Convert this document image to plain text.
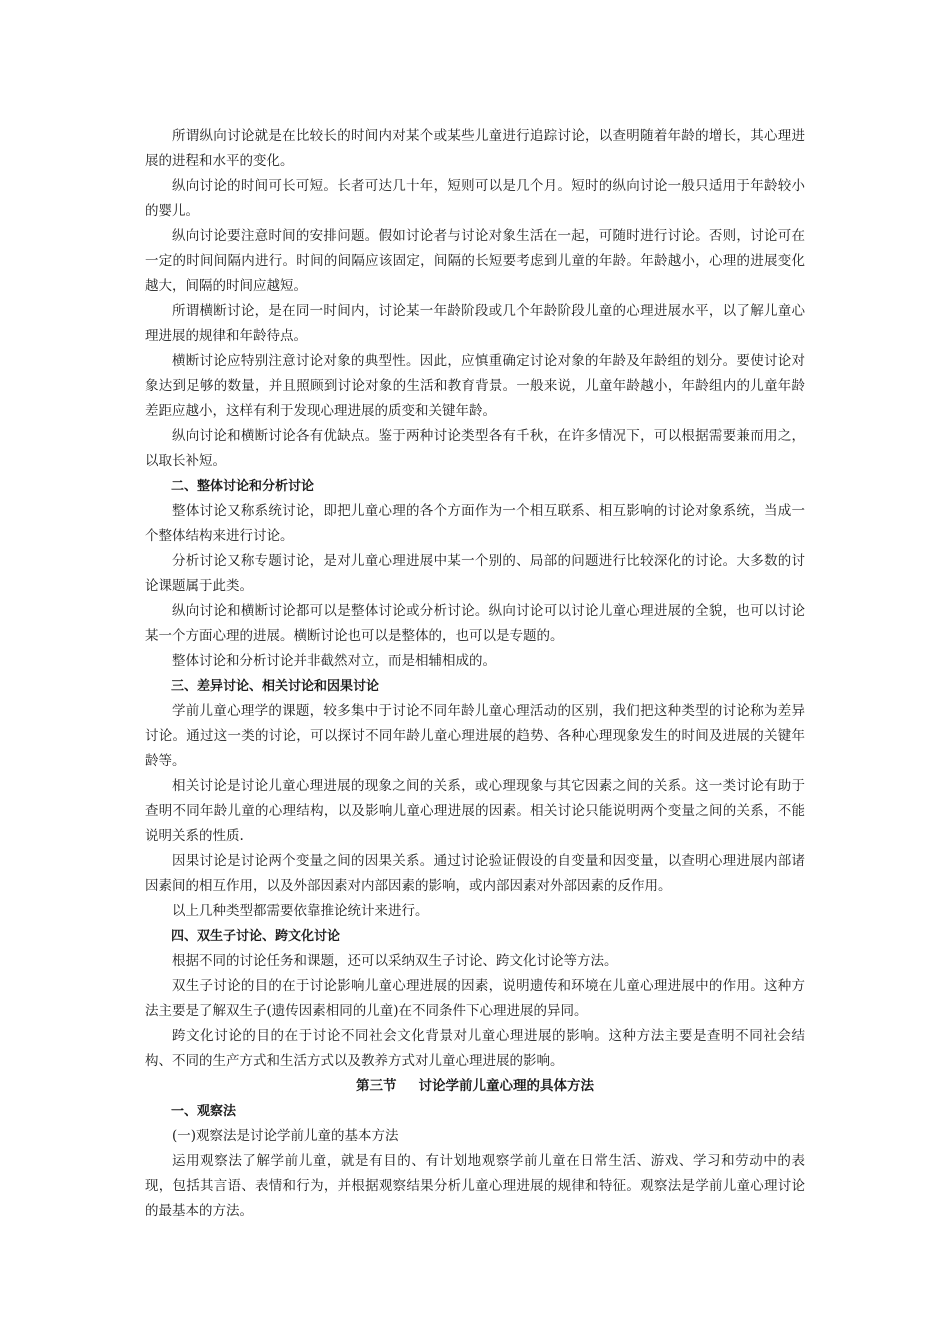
所谓纵向讨论就是在比较长的时间内对某个或某些儿童进行追踪讨论，以查明随着年龄的增长，其心理进展的进程和水平的变化。

纵向讨论的时间可长可短。长者可达几十年，短则可以是几个月。短时的纵向讨论一般只适用于年龄较小的婴儿。

纵向讨论要注意时间的安排问题。假如讨论者与讨论对象生活在一起，可随时进行讨论。否则，讨论可在一定的时间间隔内进行。时间的间隔应该固定，间隔的长短要考虑到儿童的年龄。年龄越小，心理的进展变化越大，间隔的时间应越短。

所谓横断讨论，是在同一时间内，讨论某一年龄阶段或几个年龄阶段儿童的心理进展水平，以了解儿童心理进展的规律和年龄待点。

横断讨论应特别注意讨论对象的典型性。因此，应慎重确定讨论对象的年龄及年龄组的划分。要使讨论对象达到足够的数量，并且照顾到讨论对象的生活和教育背景。一般来说，儿童年龄越小，年龄组内的儿童年龄差距应越小，这样有利于发现心理进展的质变和关键年龄。

纵向讨论和横断讨论各有优缺点。鉴于两种讨论类型各有千秋，在许多情况下，可以根据需要兼而用之，以取长补短。

二、整体讨论和分析讨论

整体讨论又称系统讨论，即把儿童心理的各个方面作为一个相互联系、相互影响的讨论对象系统，当成一个整体结构来进行讨论。

分析讨论又称专题讨论，是对儿童心理进展中某一个别的、局部的问题进行比较深化的讨论。大多数的讨论课题属于此类。

纵向讨论和横断讨论都可以是整体讨论或分析讨论。纵向讨论可以讨论儿童心理进展的全貌，也可以讨论某一个方面心理的进展。横断讨论也可以是整体的，也可以是专题的。

整体讨论和分析讨论并非截然对立，而是相辅相成的。

三、差异讨论、相关讨论和因果讨论

学前儿童心理学的课题，较多集中于讨论不同年龄儿童心理活动的区别，我们把这种类型的讨论称为差异讨论。通过这一类的讨论，可以探讨不同年龄儿童心理进展的趋势、各种心理现象发生的时间及进展的关键年龄等。

相关讨论是讨论儿童心理进展的现象之间的关系，或心理现象与其它因素之间的关系。这一类讨论有助于查明不同年龄儿童的心理结构，以及影响儿童心理进展的因素。相关讨论只能说明两个变量之间的关系，不能说明关系的性质.

因果讨论是讨论两个变量之间的因果关系。通过讨论验证假设的自变量和因变量，以查明心理进展内部诸因素间的相互作用，以及外部因素对内部因素的影响，或内部因素对外部因素的反作用。

以上几种类型都需要依靠推论统计来进行。

四、双生子讨论、跨文化讨论

根据不同的讨论任务和课题，还可以采纳双生子讨论、跨文化讨论等方法。

双生子讨论的目的在于讨论影响儿童心理进展的因素，说明遗传和环境在儿童心理进展中的作用。这种方法主要是了解双生子(遗传因素相同的儿童)在不同条件下心理进展的异同。

跨文化讨论的目的在于讨论不同社会文化背景对儿童心理进展的影响。这种方法主要是查明不同社会结构、不同的生产方式和生活方式以及教养方式对儿童心理进展的影响。

第三节 讨论学前儿童心理的具体方法

一、观察法

(一)观察法是讨论学前儿童的基本方法

运用观察法了解学前儿童，就是有目的、有计划地观察学前儿童在日常生活、游戏、学习和劳动中的表现，包括其言语、表情和行为，并根据观察结果分析儿童心理进展的规律和特征。观察法是学前儿童心理讨论的最基本的方法。
